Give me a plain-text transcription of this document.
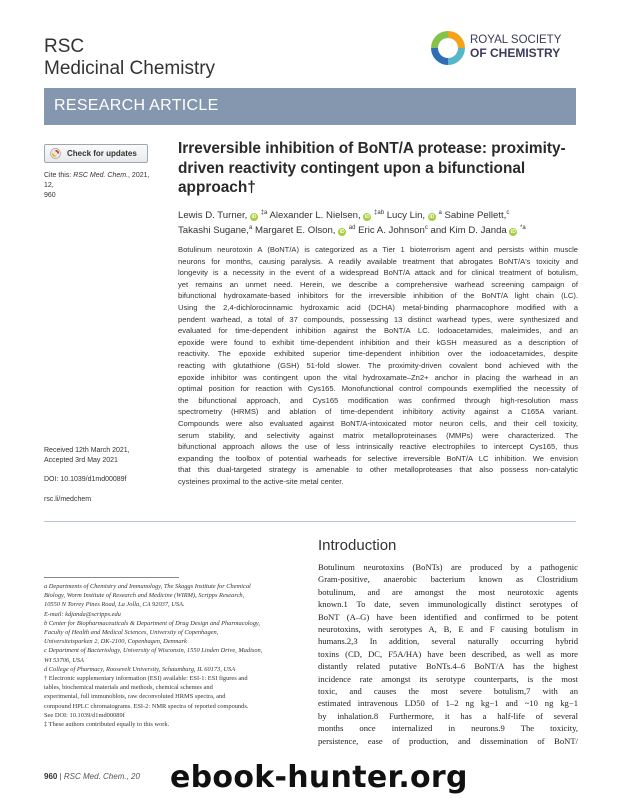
RSC
Medicinal Chemistry
ROYAL SOCIETY
OF CHEMISTRY
RESEARCH ARTICLE
Check for updates
Cite this: RSC Med. Chem., 2021, 12,
960
Irreversible inhibition of BoNT/A protease: proximity-driven reactivity contingent upon a bifunctional approach†
Lewis D. Turner, iD $^{\ddagger a}$ Alexander L. Nielsen, iD $^{\ddagger ab}$ Lucy Lin, iD $^a$ Sabine Pellett,$^c$
Takashi Sugane,$^a$ Margaret E. Olson, iD $^{ad}$ Eric A. Johnson$^c$ and Kim D. Janda iD $^{*a}$
Botulinum neurotoxin A (BoNT/A) is categorized as a Tier 1 bioterrorism agent and persists within muscle
neurons for months, causing paralysis. A readily available treatment that abrogates BoNT/A's toxicity and
longevity is a necessity in the event of a widespread BoNT/A attack and for clinical treatment of botulism,
yet remains an unmet need. Herein, we describe a comprehensive warhead screening campaign of
bifunctional hydroxamate-based inhibitors for the irreversible inhibition of the BoNT/A light chain (LC).
Using the 2,4-dichlorocinnamic hydroxamic acid (DCHA) metal-binding pharmacophore modified with a
pendent warhead, a total of 37 compounds, possessing 13 distinct warhead types, were synthesized and
evaluated for time-dependent inhibition against the BoNT/A LC. Iodoacetamides, maleimides, and an
epoxide were found to exhibit time-dependent inhibition and their kGSH measured as a description of
reactivity. The epoxide exhibited superior time-dependent inhibition over the iodoacetamides, despite
reacting with glutathione (GSH) 51-fold slower. The proximity-driven covalent bond achieved with the
epoxide inhibitor was contingent upon the vital hydroxamate–Zn2+ anchor in placing the warhead in an
optimal position for reaction with Cys165. Monofunctional control compounds exemplified the necessity of
the bifunctional approach, and Cys165 modification was confirmed through high-resolution mass
spectrometry (HRMS) and ablation of time-dependent inhibitory activity against a C165A variant.
Compounds were also evaluated against BoNT/A-intoxicated motor neuron cells, and their cell toxicity,
serum stability, and selectivity against matrix metalloproteinases (MMPs) were characterized. The
bifunctional approach allows the use of less intrinsically reactive electrophiles to intercept Cys165, thus
expanding the toolbox of potential warheads for selective irreversible BoNT/A LC inhibition. We envision
that this dual-targeted strategy is amenable to other metalloproteases that also possess non-catalytic
cysteines proximal to the active-site metal center.
Received 12th March 2021,
Accepted 3rd May 2021
DOI: 10.1039/d1md00089f
rsc.li/medchem
Introduction
Botulinum neurotoxins (BoNTs) are produced by a pathogenic
Gram-positive, anaerobic bacterium known as Clostridium
botulinum, and are amongst the most neurotoxic agents
known.1 To date, seven immunologically distinct serotypes of
BoNT (A–G) have been identified and confirmed to be potent
neurotoxins, with serotypes A, B, E and F causing botulism in
humans.2,3 In addition, several naturally occurring hybrid
toxins (CD, DC, F5A/HA) have been described, as well as more
distantly related putative BoNTs.4–6 BoNT/A has the highest
incidence rate amongst its serotype counterparts, is the most
toxic, and causes the most severe botulism,7 with an
estimated intravenous LD50 of 1–2 ng kg−1 and ~10 ng kg−1
by inhalation.8 Furthermore, it has a half-life of several
months once internalized in neurons.9 The toxicity,
persistence, ease of production, and dissemination of BoNT/
a Departments of Chemistry and Immunology, The Skaggs Institute for Chemical
Biology, Worm Institute of Research and Medicine (WIRM), Scripps Research,
10550 N Torrey Pines Road, La Jolla, CA 92037, USA.
E-mail: kdjanda@scripps.edu
b Center for Biopharmaceuticals & Department of Drug Design and Pharmacology,
Faculty of Health and Medical Sciences, University of Copenhagen,
Universitetsparken 2, DK-2100, Copenhagen, Denmark
c Department of Bacteriology, University of Wisconsin, 1550 Linden Drive, Madison,
WI 53706, USA
d College of Pharmacy, Roosevelt University, Schaumburg, IL 60173, USA
† Electronic supplementary information (ESI) available: ESI-1: ESI figures and
tables, biochemical materials and methods, chemical schemes and
experimental, full immunoblots, raw deconvoluted HRMS spectra, and
compound HPLC chromatograms. ESI-2: NMR spectra of reported compounds.
See DOI: 10.1039/d1md00089f
‡ These authors contributed equally to this work.
960 | RSC Med. Chem., 20	ebook-hunter.org
